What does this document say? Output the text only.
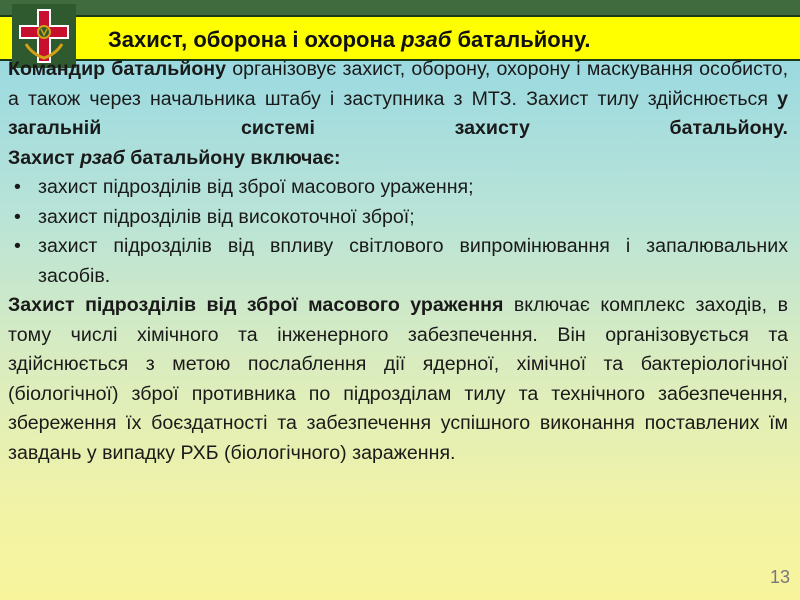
Захист, оборона і охорона рзаб батальйону.

Командир батальйону організовує захист, оборону, охорону і маскування особисто, а також через начальника штабу і заступника з МТЗ. Захист тилу здійснюється у загальній системі захисту батальйону.

Захист рзаб батальйону включає:

• захист підрозділів від зброї масового ураження;
• захист підрозділів від високоточної зброї;
• захист підрозділів від впливу світлового випромінювання і запалювальних засобів.

Захист підрозділів від зброї масового ураження включає комплекс заходів, в тому числі хімічного та інженерного забезпечення. Він організовується та здійснюється з метою послаблення дії ядерної, хімічної та бактеріологічної (біологічної) зброї противника по підрозділам тилу та технічного забезпечення, збереження їх боєздатності та забезпечення успішного виконання поставлених їм завдань у випадку РХБ (біологічного) зараження.

13
